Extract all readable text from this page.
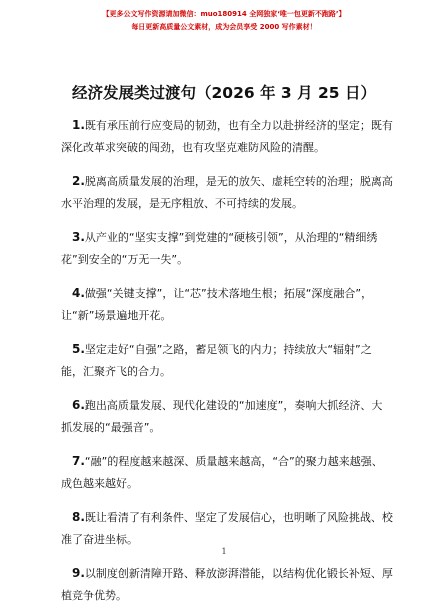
【更多公文写作资源请加微信：muo180914 全网独家‘唯一包更新不跑路’】
每日更新高质量公文素材，成为会员享受 2000 写作素材！
经济发展类过渡句（2026 年 3 月 25 日）

1.既有承压前行应变局的韧劲，也有全力以赴拼经济的坚定；既有深化改革求突破的闯劲，也有攻坚克难防风险的清醒。

2.脱离高质量发展的治理，是无的放矢、虚耗空转的治理；脱离高水平治理的发展，是无序粗放、不可持续的发展。

3.从产业的“坚实支撑”到党建的“硬核引领”，从治理的“精细绣花”到安全的“万无一失”。

4.做强“关键支撑”，让“芯”技术落地生根；拓展“深度融合”，让“新”场景遍地开花。

5.坚定走好“自强”之路，蓄足领飞的内力；持续放大“辐射”之能，汇聚齐飞的合力。

6.跑出高质量发展、现代化建设的“加速度”，奏响大抓经济、大抓发展的“最强音”。

7.“融”的程度越来越深、质量越来越高，“合”的聚力越来越强、成色越来越好。

8.既让看清了有利条件、坚定了发展信心，也明晰了风险挑战、校准了奋进坐标。

9.以制度创新清障开路、释放澎湃潜能，以结构优化锻长补短、厚植竞争优势。

1
